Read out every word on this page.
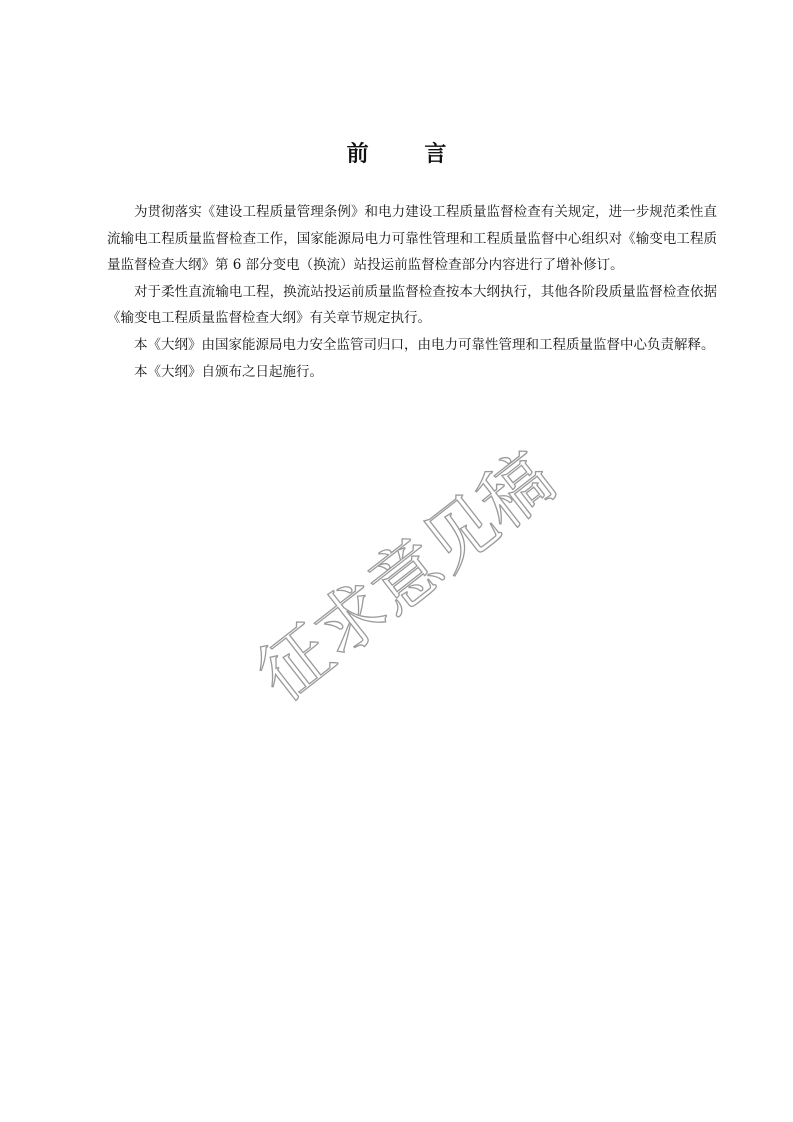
前 言

为贯彻落实《建设工程质量管理条例》和电力建设工程质量监督检查有关规定，进一步规范柔性直流输电工程质量监督检查工作，国家能源局电力可靠性管理和工程质量监督中心组织对《输变电工程质量监督检查大纲》第 6 部分变电（换流）站投运前监督检查部分内容进行了增补修订。

对于柔性直流输电工程，换流站投运前质量监督检查按本大纲执行，其他各阶段质量监督检查依据《输变电工程质量监督检查大纲》有关章节规定执行。

本《大纲》由国家能源局电力安全监管司归口，由电力可靠性管理和工程质量监督中心负责解释。

本《大纲》自颁布之日起施行。

征求意见稿
